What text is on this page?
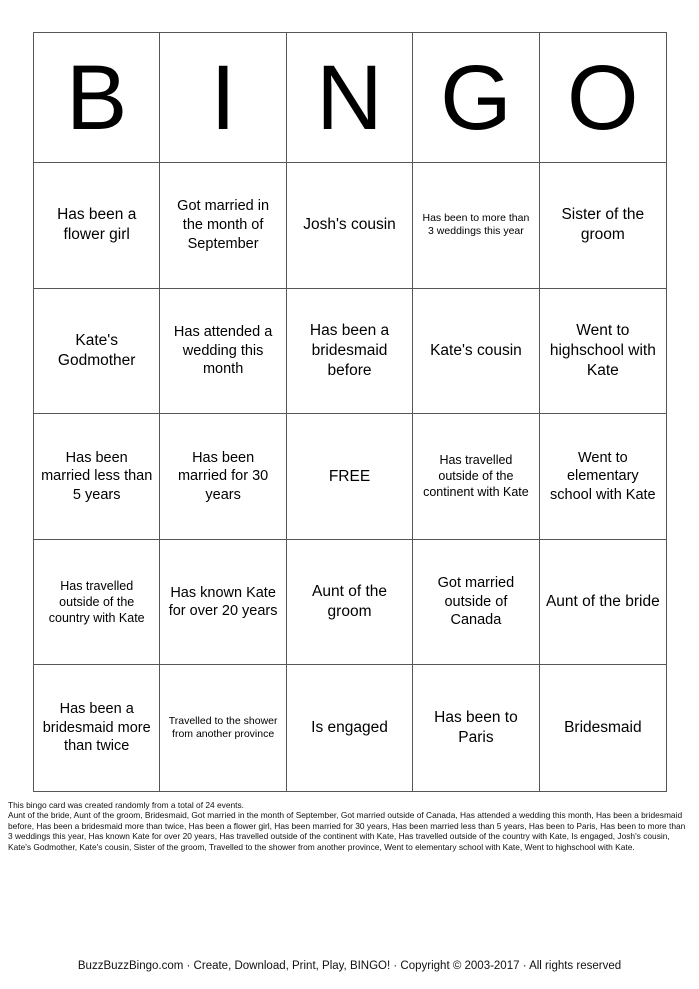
B I N G O
Has been a flower girl
Got married in the month of September
Josh's cousin	Has been to more than 3 weddings this year
Sister of the groom
Kate's Godmother
Has attended a wedding this month
Has been a bridesmaid before
Kate's cousin
Went to highschool with Kate
Has been married less than 5 years
Has been married for 30 years
FREE
Has travelled outside of the continent with Kate
Went to elementary school with Kate
Has travelled outside of the country with Kate
Has known Kate for over 20 years
Aunt of the groom
Got married outside of Canada
Aunt of the bride
Has been a bridesmaid more than twice
Travelled to the shower from another province	Is engaged
Has been to Paris
Bridesmaid
This bingo card was created randomly from a total of 24 events.
Aunt of the bride, Aunt of the groom, Bridesmaid, Got married in the month of September, Got married outside of Canada, Has attended a wedding this month, Has been a bridesmaid before, Has been a bridesmaid more than twice, Has been a flower girl, Has been married for 30 years, Has been married less than 5 years, Has been to Paris, Has been to more than 3 weddings this year, Has known Kate for over 20 years, Has travelled outside of the continent with Kate, Has travelled outside of the country with Kate, Is engaged, Josh's cousin, Kate's Godmother, Kate's cousin, Sister of the groom, Travelled to the shower from another province, Went to elementary school with Kate, Went to highschool with Kate.
BuzzBuzzBingo.com · Create, Download, Print, Play, BINGO! · Copyright © 2003-2017 · All rights reserved
